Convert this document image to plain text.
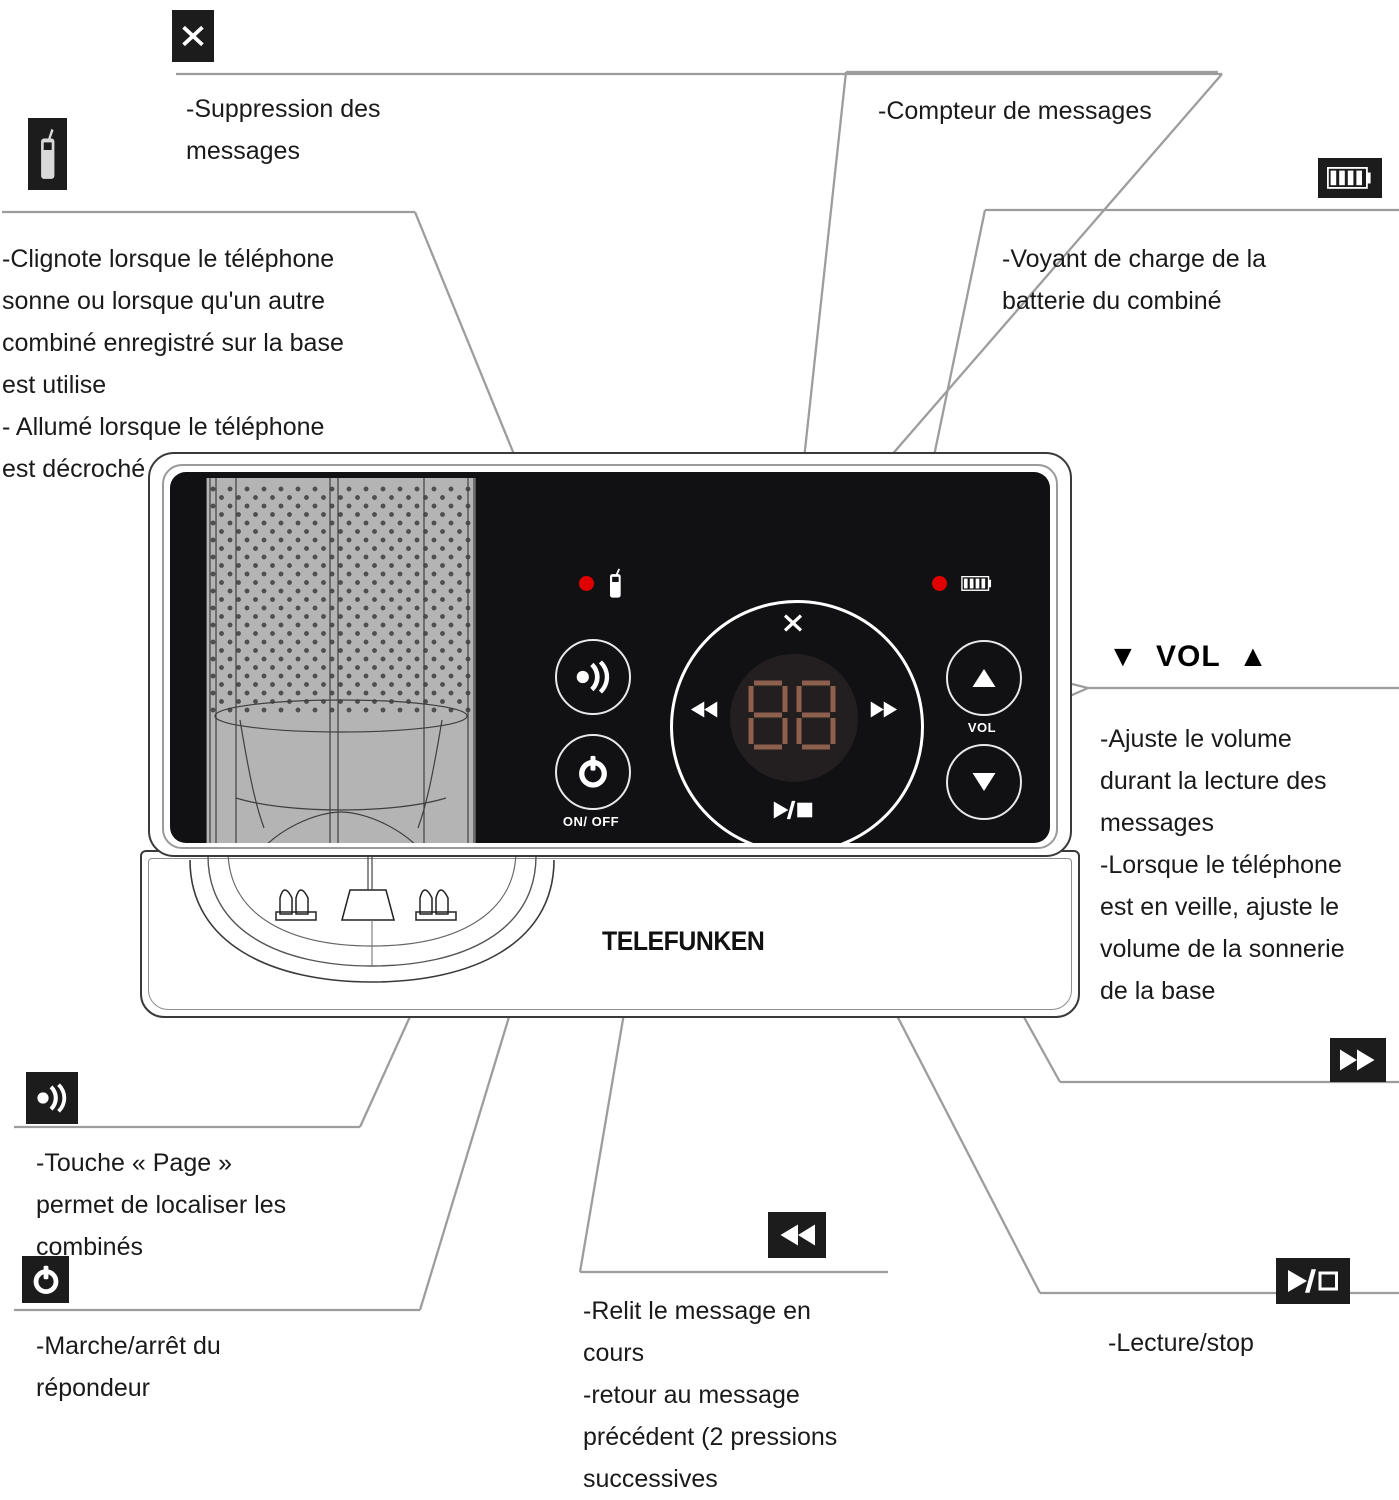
-Suppression des

messages

-Clignote lorsque le téléphone

sonne ou lorsque qu'un autre

combiné enregistré sur la base

est utilise

- Allumé lorsque le téléphone

est décroché

-Compteur de messages

-Voyant de charge de la

batterie du combiné

▼ VOL ▲

-Ajuste le volume

durant la lecture des

messages

-Lorsque le téléphone

est en veille, ajuste le

volume de la sonnerie

de la base

-Touche « Page »

permet de localiser les

combinés

-Marche/arrêt du

répondeur

-Relit le message en

cours

-retour au message

précédent (2 pressions

successives

-Lecture/stop

TELEFUNKEN
ON/ OFF
VOL
